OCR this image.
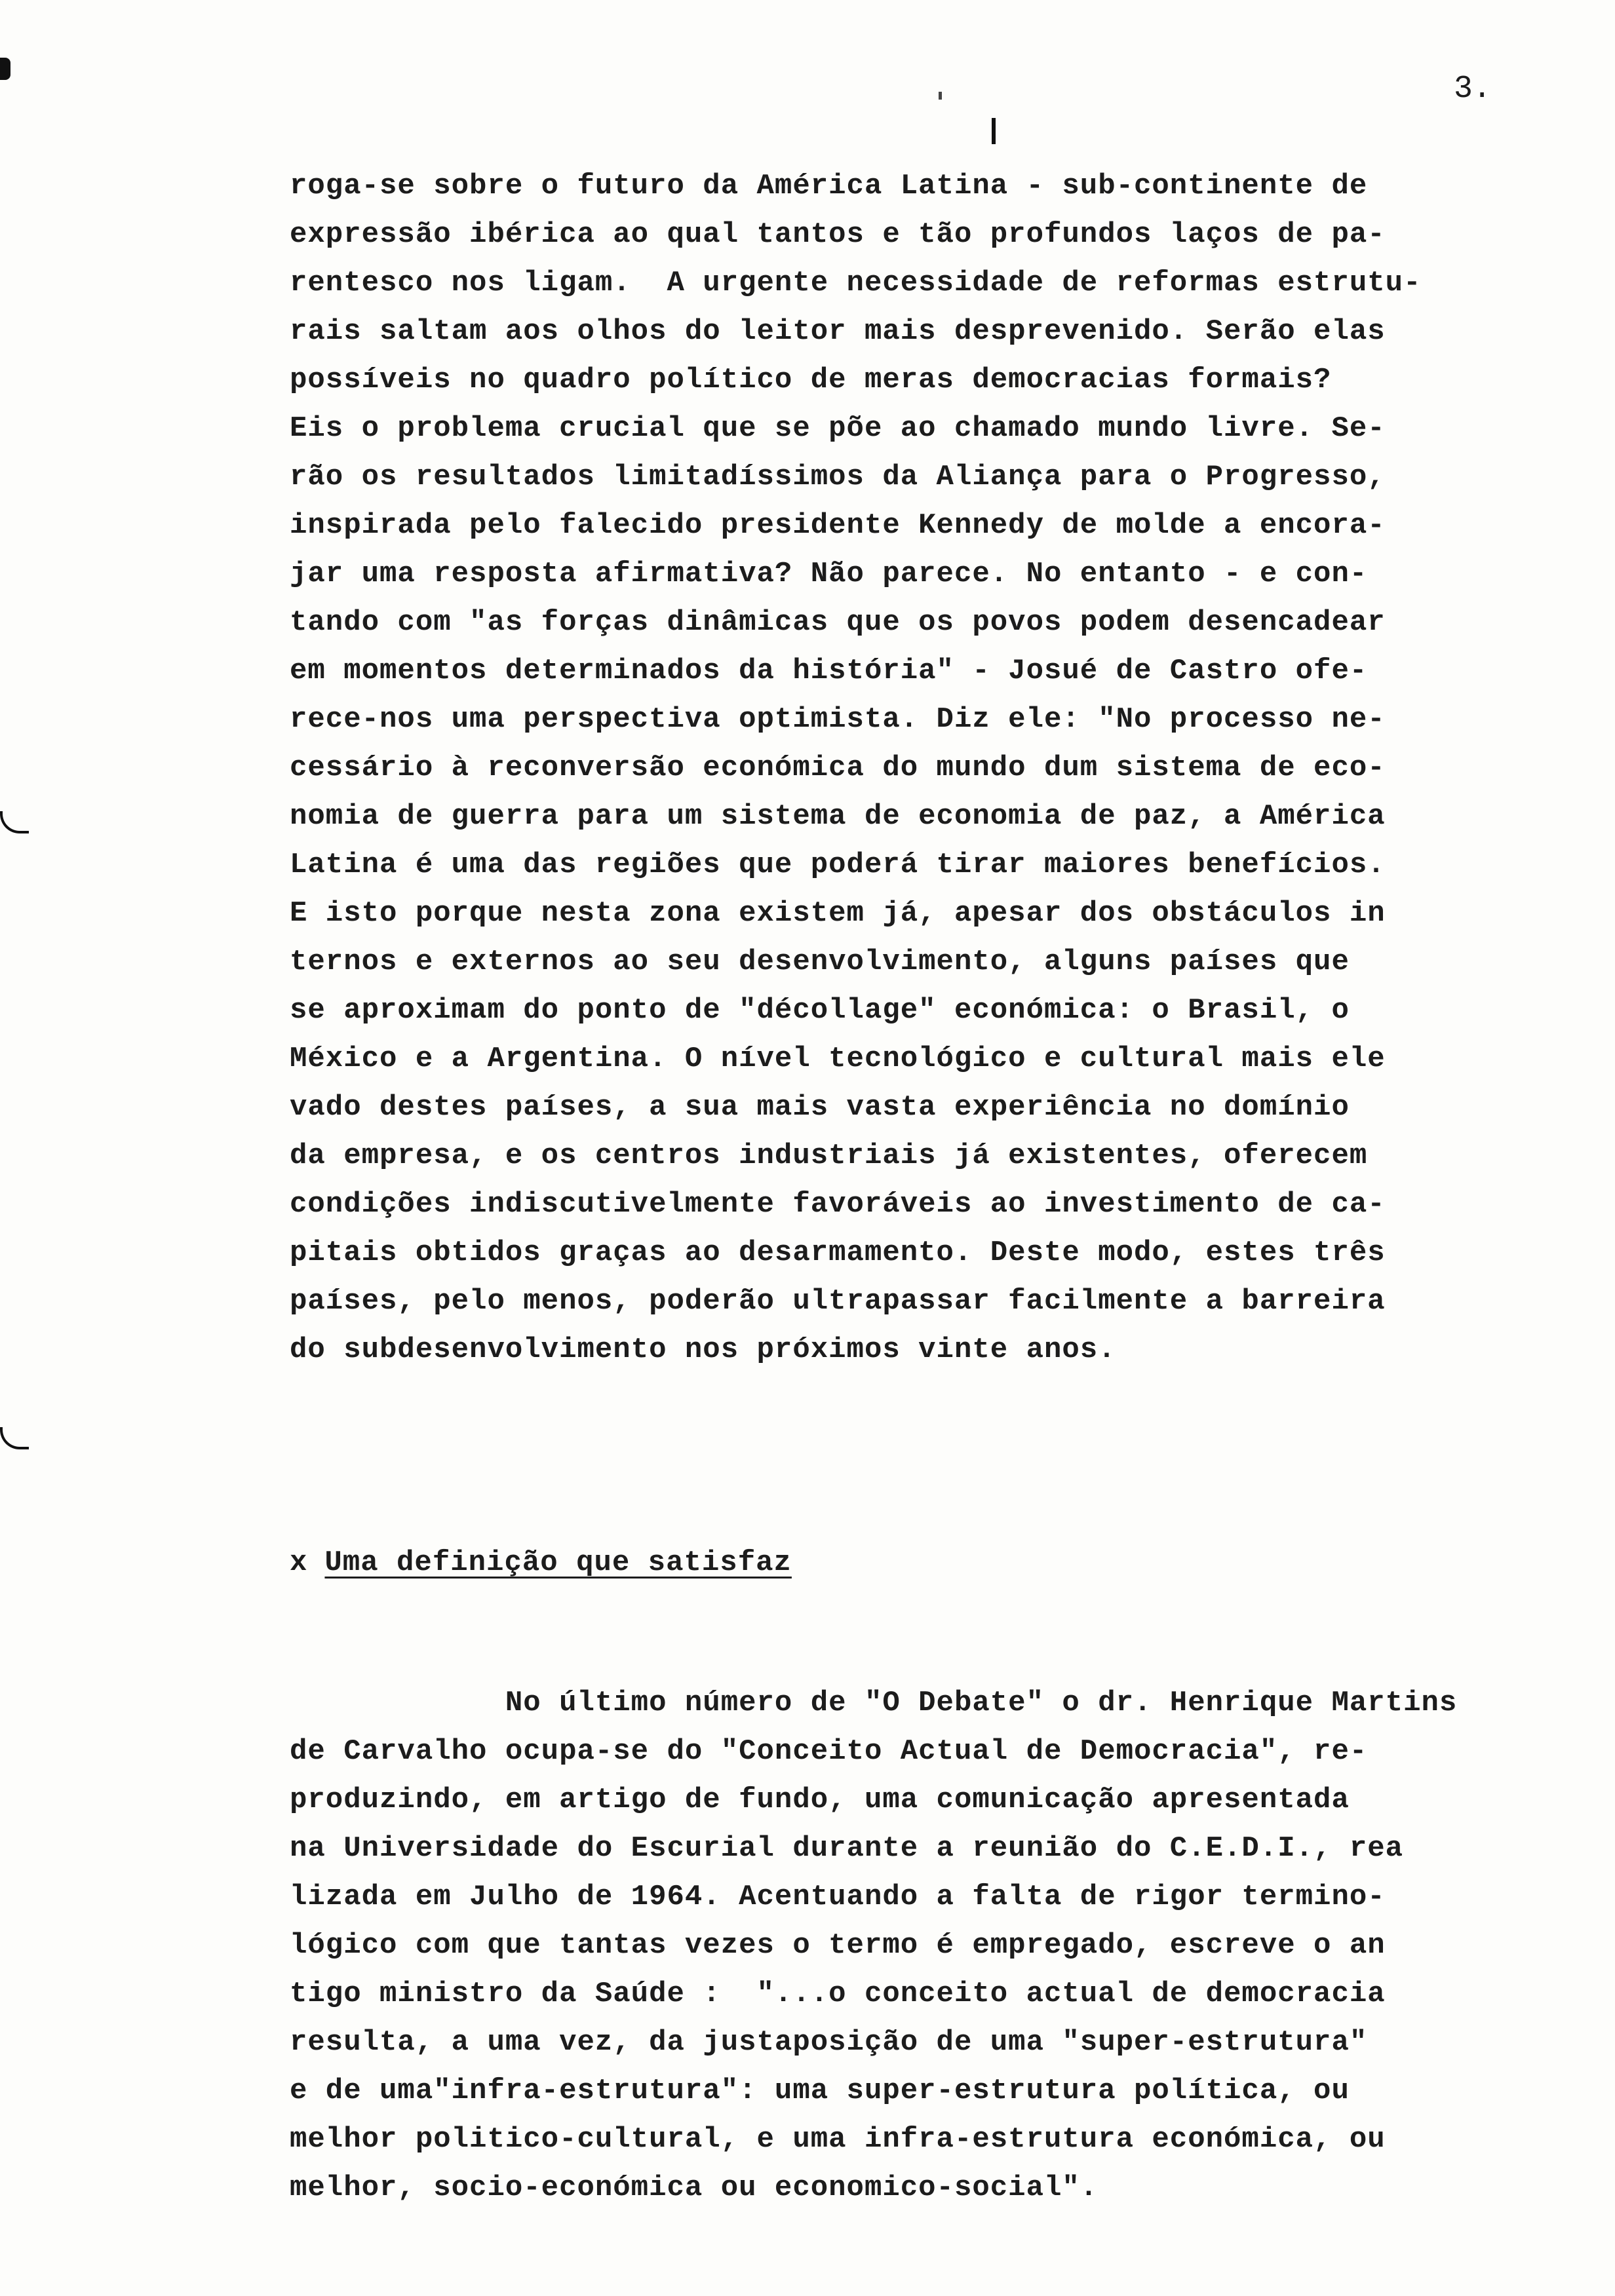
3.

roga-se sobre o futuro da América Latina - sub-continente de
expressão ibérica ao qual tantos e tão profundos laços de pa-
rentesco nos ligam.  A urgente necessidade de reformas estrutu-
rais saltam aos olhos do leitor mais desprevenido. Serão elas
possíveis no quadro político de meras democracias formais?
Eis o problema crucial que se põe ao chamado mundo livre. Se-
rão os resultados limitadíssimos da Aliança para o Progresso,
inspirada pelo falecido presidente Kennedy de molde a encora-
jar uma resposta afirmativa? Não parece. No entanto - e con-
tando com "as forças dinâmicas que os povos podem desencadear
em momentos determinados da história" - Josué de Castro ofe-
rece-nos uma perspectiva optimista. Diz ele: "No processo ne-
cessário à reconversão económica do mundo dum sistema de eco-
nomia de guerra para um sistema de economia de paz, a América
Latina é uma das regiões que poderá tirar maiores benefícios.
E isto porque nesta zona existem já, apesar dos obstáculos in
ternos e externos ao seu desenvolvimento, alguns países que
se aproximam do ponto de "décollage" económica: o Brasil, o
México e a Argentina. O nível tecnológico e cultural mais ele
vado destes países, a sua mais vasta experiência no domínio
da empresa, e os centros industriais já existentes, oferecem
condições indiscutivelmente favoráveis ao investimento de ca-
pitais obtidos graças ao desarmamento. Deste modo, estes três
países, pelo menos, poderão ultrapassar facilmente a barreira
do subdesenvolvimento nos próximos vinte anos.
x Uma definição que satisfaz
No último número de "O Debate" o dr. Henrique Martins
de Carvalho ocupa-se do "Conceito Actual de Democracia", re-
produzindo, em artigo de fundo, uma comunicação apresentada
na Universidade do Escurial durante a reunião do C.E.D.I., rea
lizada em Julho de 1964. Acentuando a falta de rigor termino-
lógico com que tantas vezes o termo é empregado, escreve o an
tigo ministro da Saúde :  "...o conceito actual de democracia
resulta, a uma vez, da justaposição de uma "super-estrutura"
e de uma"infra-estrutura": uma super-estrutura política, ou
melhor politico-cultural, e uma infra-estrutura económica, ou
melhor, socio-económica ou economico-social".
